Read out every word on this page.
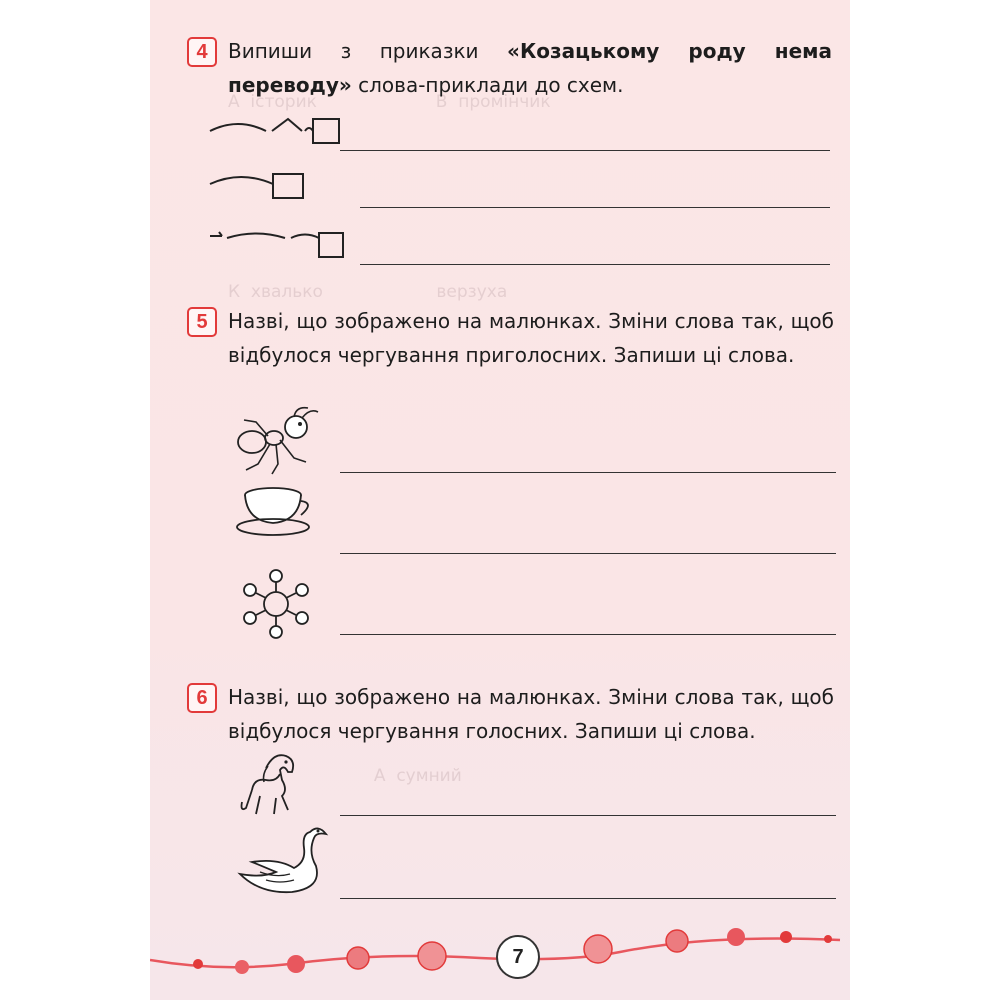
4	Випиши з приказки «Козацькому роду нема переводу» слова-приклади до схем.
5	Назві, що зображено на малюнках. Зміни слова так, щоб відбулося чергування приголосних. Запиши ці слова.
6	Назві, що зображено на малюнках. Зміни слова так, щоб відбулося чергування голосних. Запиши ці слова.
7
